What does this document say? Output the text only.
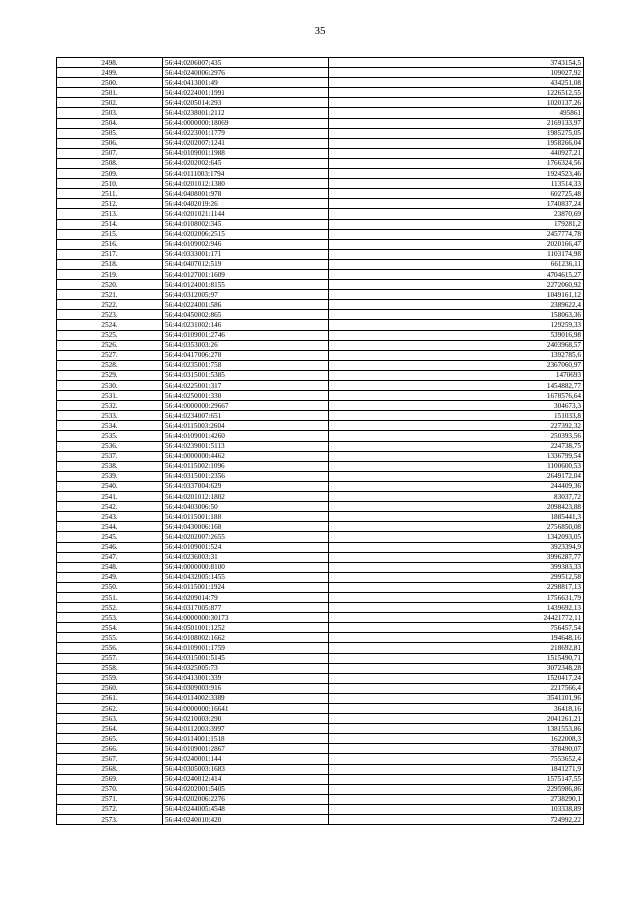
35
2498.	56:44:0206007:435	3743154,5
2499.	56:44:0240006:2976	109027,92
2500.	56:44:0413001:49	434251,08
2501.	56:44:0224001:1991	1226512,55
2502.	56:44:0205014:293	1020137,26
2503.	56:44:0238001:2112	495861
2504.	56:44:0000000:18069	2169133,97
2505.	56:44:0223001:1779	1985275,05
2506.	56:44:0202007:1241	1958266,04
2507.	56:44:0109001:1988	440927,21
2508.	56:44:0202002:645	1766324,56
2509.	56:44:0111003:1794	1924523,46
2510.	56:44:0201012:1380	113514,33
2511.	56:44:0408001:978	602725,48
2512.	56:44:0402019:26	1740837,24
2513.	56:44:0201021:1144	23870,69
2514.	56:44:0108002:345	179281,2
2515.	56:44:0202006:2515	2457774,78
2516.	56:44:0109002:946	2020166,47
2517.	56:44:0333001:171	1103174,98
2518.	56:44:0407012:519	661236,11
2519.	56:44:0127001:1609	4704615,27
2520.	56:44:0124001:8155	2272060,92
2521.	56:44:0312005:97	1049161,12
2522.	56:44:0224001:586	2389622,4
2523.	56:44:0450002:865	158063,36
2524.	56:44:0231002:146	129259,33
2525.	56:44:0109001:2746	539016,98
2526.	56:44:0353003:26	2403968,57
2527.	56:44:0417006:278	1392785,6
2528.	56:44:0235001:758	2367060,97
2529.	56:44:0315001:5385	1470693
2530.	56:44:0225001:317	1454882,77
2531.	56:44:0250001:330	1678576,64
2532.	56:44:0000000:29667	304673,3
2533.	56:44:0234007:651	151033,8
2534.	56:44:0115003:2604	227392,32
2535.	56:44:0109001:4260	250393,56
2536.	56:44:0239001:5113	224738,75
2537.	56:44:0000000:4462	1336799,54
2538.	56:44:0115002:1096	1100600,53
2539.	56:44:0315001:2356	2649172,04
2540.	56:44:0337004:629	244409,36
2541.	56:44:0201012:1802	83037,72
2542.	56:44:0403006:50	2098423,88
2543.	56:44:0115001:188	1885441,3
2544.	56:44:0430006:168	2756850,08
2545.	56:44:0202007:2655	1342093,05
2546.	56:44:0109001:524	3923394,9
2547.	56:44:0236003:31	3996287,77
2548.	56:44:0000000:8100	399383,33
2549.	56:44:0432005:1455	299512,58
2550.	56:44:0115001:1924	2298817,13
2551.	56:44:0209014:79	1756631,79
2552.	56:44:0317005:877	1439692,13
2553.	56:44:0000000:30173	24421772,11
2554.	56:44:0501001:1252	756457,54
2555.	56:44:0108002:1662	194648,16
2556.	56:44:0109001:1759	218692,81
2557.	56:44:0315001:5145	1515490,71
2558.	56:44:0325005:73	3072348,28
2559.	56:44:0413001:339	1520417,24
2560.	56:44:0309003:916	2217566,4
2561.	56:44:0114002:3389	3541101,96
2562.	56:44:0000000:16641	36418,16
2563.	56:44:0210003:290	2041261,21
2564.	56:44:0112003:3997	1381553,86
2565.	56:44:0114001:1518	1622008,3
2566.	56:44:0109001:2867	378490,07
2567.	56:44:0240001:144	7553652,4
2568.	56:44:0305003:1683	1841271,9
2569.	56:44:0240012:414	1575147,55
2570.	56:44:0202001:5405	2295986,86
2571.	56:44:0202006:2276	2738290,1
2572.	56:44:0244005:4548	103338,89
2573.	56:44:0240010:420	724992,22
